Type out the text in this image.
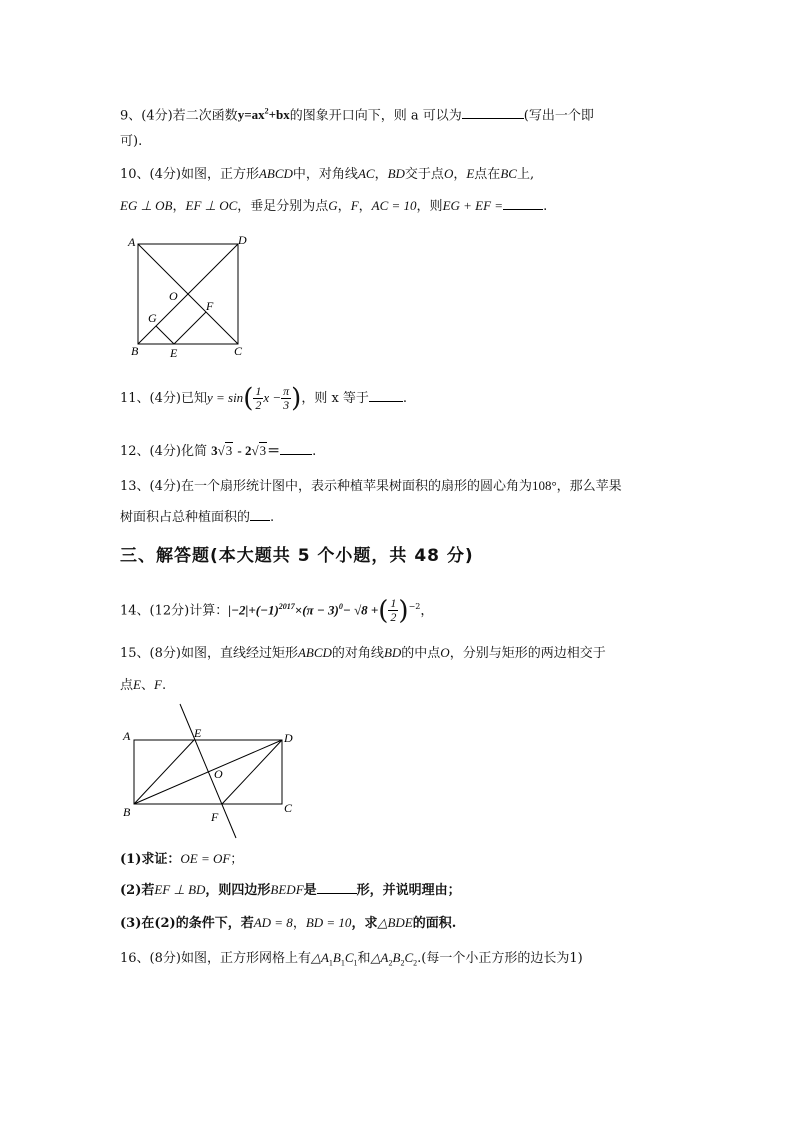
9、(4分)若二次函数$y=ax^2+bx$的图象开口向下，则 a 可以为	(写出一个即
可).
10、(4分)如图，正方形ABCD中，对角线AC，BD交于点O，E点在BC上,
EG ⊥ OB，EF ⊥ OC，垂足分别为点G，F，AC = 10，则EG + EF =	.
A	D
O
G
F
B	E	C
11、(4分)已知$y = \sin( \frac{1}{2}$ $x - \frac{\pi}{3}$ )，则 x 等于	.
12、(4分)化简 3√3 - 2√3＝ .
13、(4分)在一个扇形统计图中，表示种植苹果树面积的扇形的圆心角为108°，那么苹果
树面积占总种植面积的 .
三、解答题(本大题共 5 个小题，共 48 分)
14、(12分)计算：$|-2|+(-1)^{2017}\times(\pi - 3)^0- √8$ +( $\frac{1}{2} )^{-2}$，
15、(8分)如图，直线经过矩形ABCD的对角线BD的中点O，分别与矩形的两边相交于
点E、F.
A	E	D
O
B	F
C
(1)求证：OE = OF；
(2)若EF ⊥ BD，则四边形BEDF是	形，并说明理由；
(3)在(2)的条件下，若AD = 8，BD = 10，求△BDE的面积.
16、(8分)如图，正方形网格上有$\triangle A_1B_1C_1$和$\triangle A_2B_2C_2$.(每一个小正方形的边长为1)
